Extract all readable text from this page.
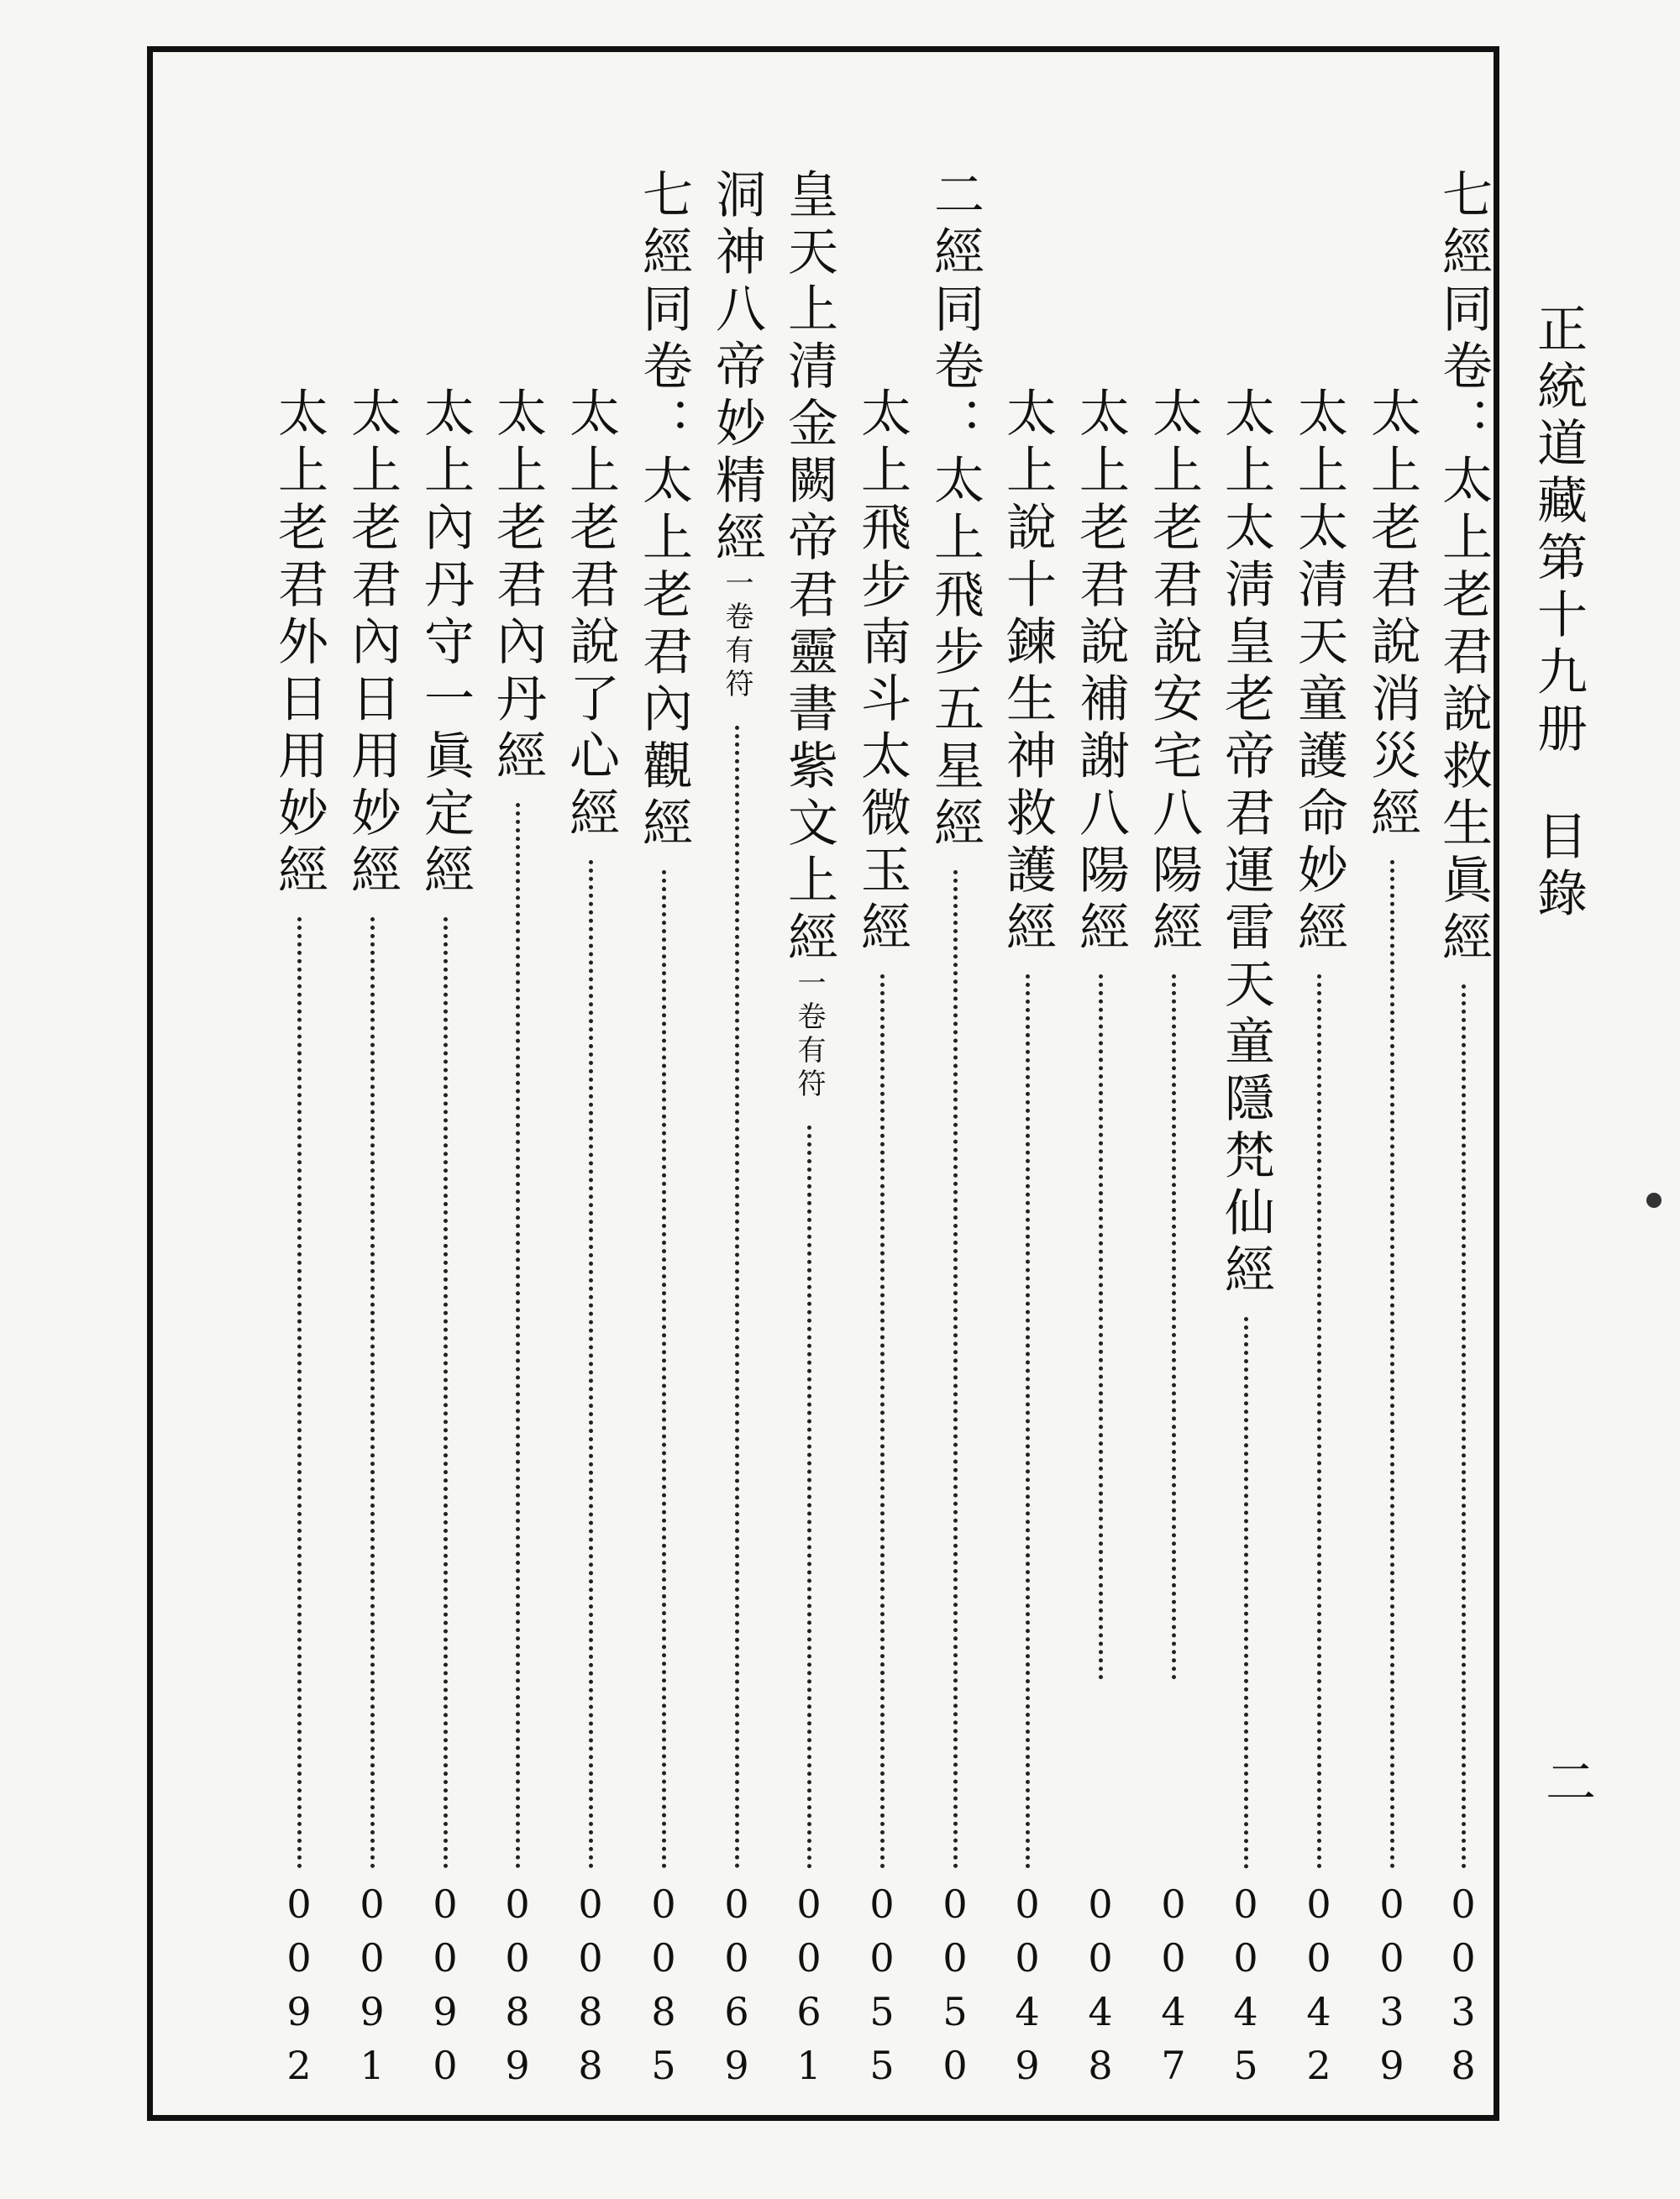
正統道藏第十九册目錄
二
七經同卷：太上老君說救生眞經
0038
太上老君說消災經
0039
太上太清天童護命妙經
0042
太上太淸皇老帝君運雷天童隱梵仙經
0045
太上老君說安宅八陽經
0047
太上老君說補謝八陽經
0048
太上說十鍊生神救護經
0049
二經同卷：太上飛步五星經
0050
太上飛步南斗太微玉經
0055
皇天上清金闕帝君靈書紫文上經一卷有符
0061
洞神八帝妙精經一卷有符
0069
七經同卷：太上老君內觀經
0085
太上老君說了心經
0088
太上老君內丹經
0089
太上內丹守一眞定經
0090
太上老君內日用妙經
0091
太上老君外日用妙經
0092
